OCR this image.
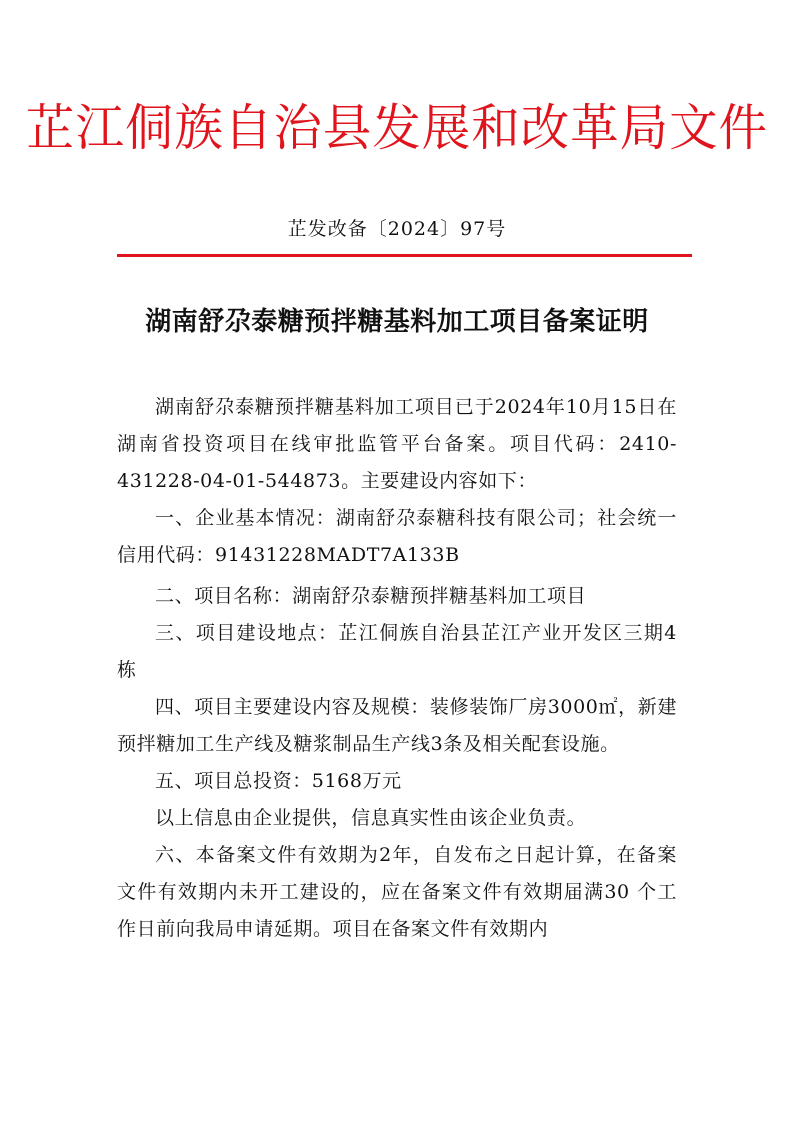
芷江侗族自治县发展和改革局文件
芷发改备〔2024〕97号
湖南舒尕泰糖预拌糖基料加工项目备案证明

湖南舒尕泰糖预拌糖基料加工项目已于2024年10月15日在湖南省投资项目在线审批监管平台备案。项目代码：2410-431228-04-01-544873。主要建设内容如下：

一、企业基本情况：湖南舒尕泰糖科技有限公司；社会统一信用代码：91431228MADT7A133B

二、项目名称：湖南舒尕泰糖预拌糖基料加工项目

三、项目建设地点：芷江侗族自治县芷江产业开发区三期4栋

四、项目主要建设内容及规模：装修装饰厂房3000㎡，新建预拌糖加工生产线及糖浆制品生产线3条及相关配套设施。

五、项目总投资：5168万元

以上信息由企业提供，信息真实性由该企业负责。

六、本备案文件有效期为2年，自发布之日起计算，在备案文件有效期内未开工建设的，应在备案文件有效期届满30 个工作日前向我局申请延期。项目在备案文件有效期内
